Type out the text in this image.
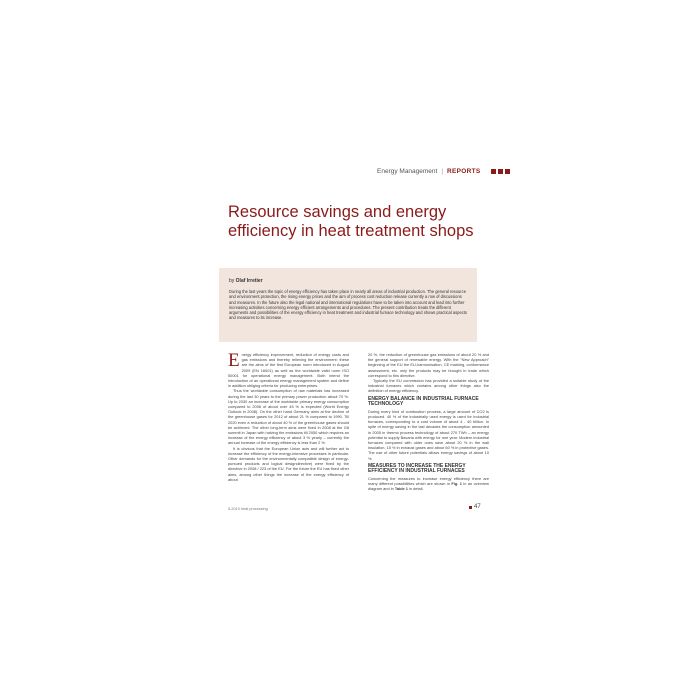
Energy Management | REPORTS
Resource savings and energy efficiency in heat treatment shops
by Olaf Irretier

During the last years the topic of energy efficiency has taken place in nearly all areas of industrial production. The general resource and environment protection, the rising energy prices and the aim of process cost reduction release currently a row of discussions and measures. In the future also the legal national and international regulations have to be taken into account and lead into further increasing activities concerning energy efficient arrangements and procedures. The present contribution treats the different arguments and possibilities of the energy efficiency in heat treatment and industrial furnace technology and shows practical aspects and measures to its increase.

Energy efficiency improvement, reduction of energy costs and gas emissions and thereby relieving the environment: these are the aims of the first European norm introduced in August 2009 (EN 16001) as well as the worldwide valid norm ISO 50001 for operational energy management. Both intend the introduction of an operational energy management system and define in addition obliging criteria for producing enterprises.

Thus the worldwide consumption of raw materials has increased during the last 30 years to the primary power production about 70 %. Up to 2030 an increase of the worldwide primary energy consumption compared to 2006 of about over 45 % is expected (World Energy Outlook in 2008). On the other hand Germany aims at the decline of the greenhouse gases for 2012 of about 21 % compared to 1990. Till 2020 even a reduction of about 40 % of the greenhouse gases should be achieved. The other long-term aims were fixed in 2008 at the G8 summit in Japan with halving the emissions till 2050 which requires an increase of the energy efficiency of about 3 % yearly – currently the annual increase of the energy efficiency is less than 2 %.

It is obvious that the European Union acts and will further act to increase the efficiency of the energy-intensive processes in particular. Other demands for the environmentally compatible design of energy-pursued products and logical designdirective) were fixed by the directive in 2008 / 223 of the EU. For the future the EU has fixed other aims, among other things the increase of the energy efficiency of about

20 %, the reduction of greenhouse gas emissions of about 20 % and the general support of renewable energy. With the "New Approach" beginning of the EU the EU-harmonisation, CE marking, conformance assessment, etc. only the products may be brought in trade which correspond to this directive.

Typically the EU commission has provided a suitable study of the industrial furnaces which contains among other things also the definition of energy efficiency.

ENERGY BALANCE IN INDUSTRIAL FURNACE TECHNOLOGY

During every kind of combustion process, a large amount of CO2 is produced. 40 % of the industrially used energy is used for industrial furnaces, corresponding to a cost volume of about 4 - 40 billion. In spite of energy saving in the last decades the consumption amounted in 2005 in thermo process technology of about 270 TWh – an energy potential to supply Bavaria with energy for one year. Modern industrial furnaces compared with older ones save about 20 % in the wall insulation, 15 % in exhaust gases and about 60 % in protective gases. The use of other future potentials allows energy savings of about 10 %.

MEASURES TO INCREASE THE ENERGY EFFICIENCY IN INDUSTRIAL FURNACES

Concerning the measures to increase energy efficiency there are many different possibilities which are shown in Fig. 1 in an overview diagram and in Table 1 in detail.

5-2010 heat processing	47
